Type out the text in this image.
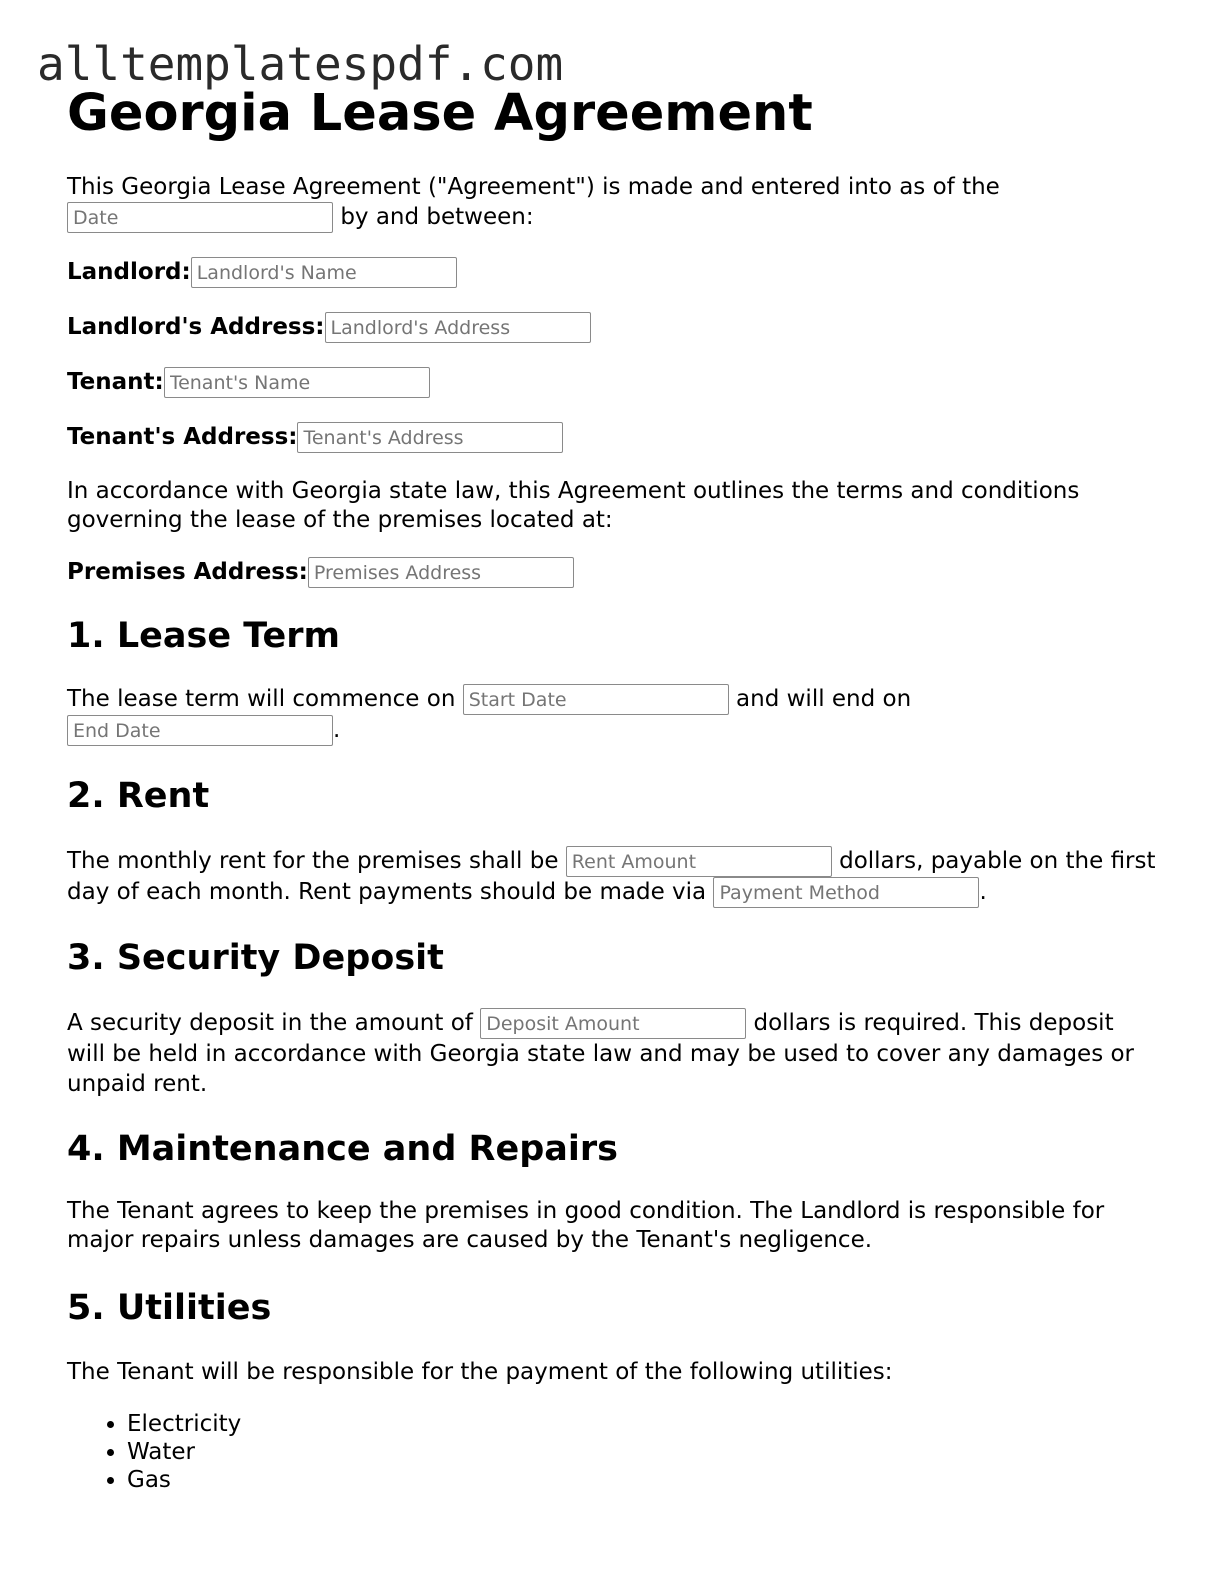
alltemplatespdf.com
Georgia Lease Agreement

This Georgia Lease Agreement ("Agreement") is made and entered into as of the
Date by and between:

Landlord:Landlord's Name
Landlord's Address:Landlord's Address
Tenant:Tenant's Name
Tenant's Address:Tenant's Address

In accordance with Georgia state law, this Agreement outlines the terms and conditions governing the lease of the premises located at:

Premises Address:Premises Address
1. Lease Term

The lease term will commence on Start Date	and will end on
End Date.

2. Rent

The monthly rent for the premises shall be Rent Amount	dollars, payable on the first day of each month. Rent payments should be made via Payment Method	.

3. Security Deposit

A security deposit in the amount of Deposit Amount	dollars is required. This deposit will be held in accordance with Georgia state law and may be used to cover any damages or unpaid rent.

4. Maintenance and Repairs

The Tenant agrees to keep the premises in good condition. The Landlord is responsible for major repairs unless damages are caused by the Tenant's negligence.

5. Utilities

The Tenant will be responsible for the payment of the following utilities:

• Electricity
• Water
• Gas
